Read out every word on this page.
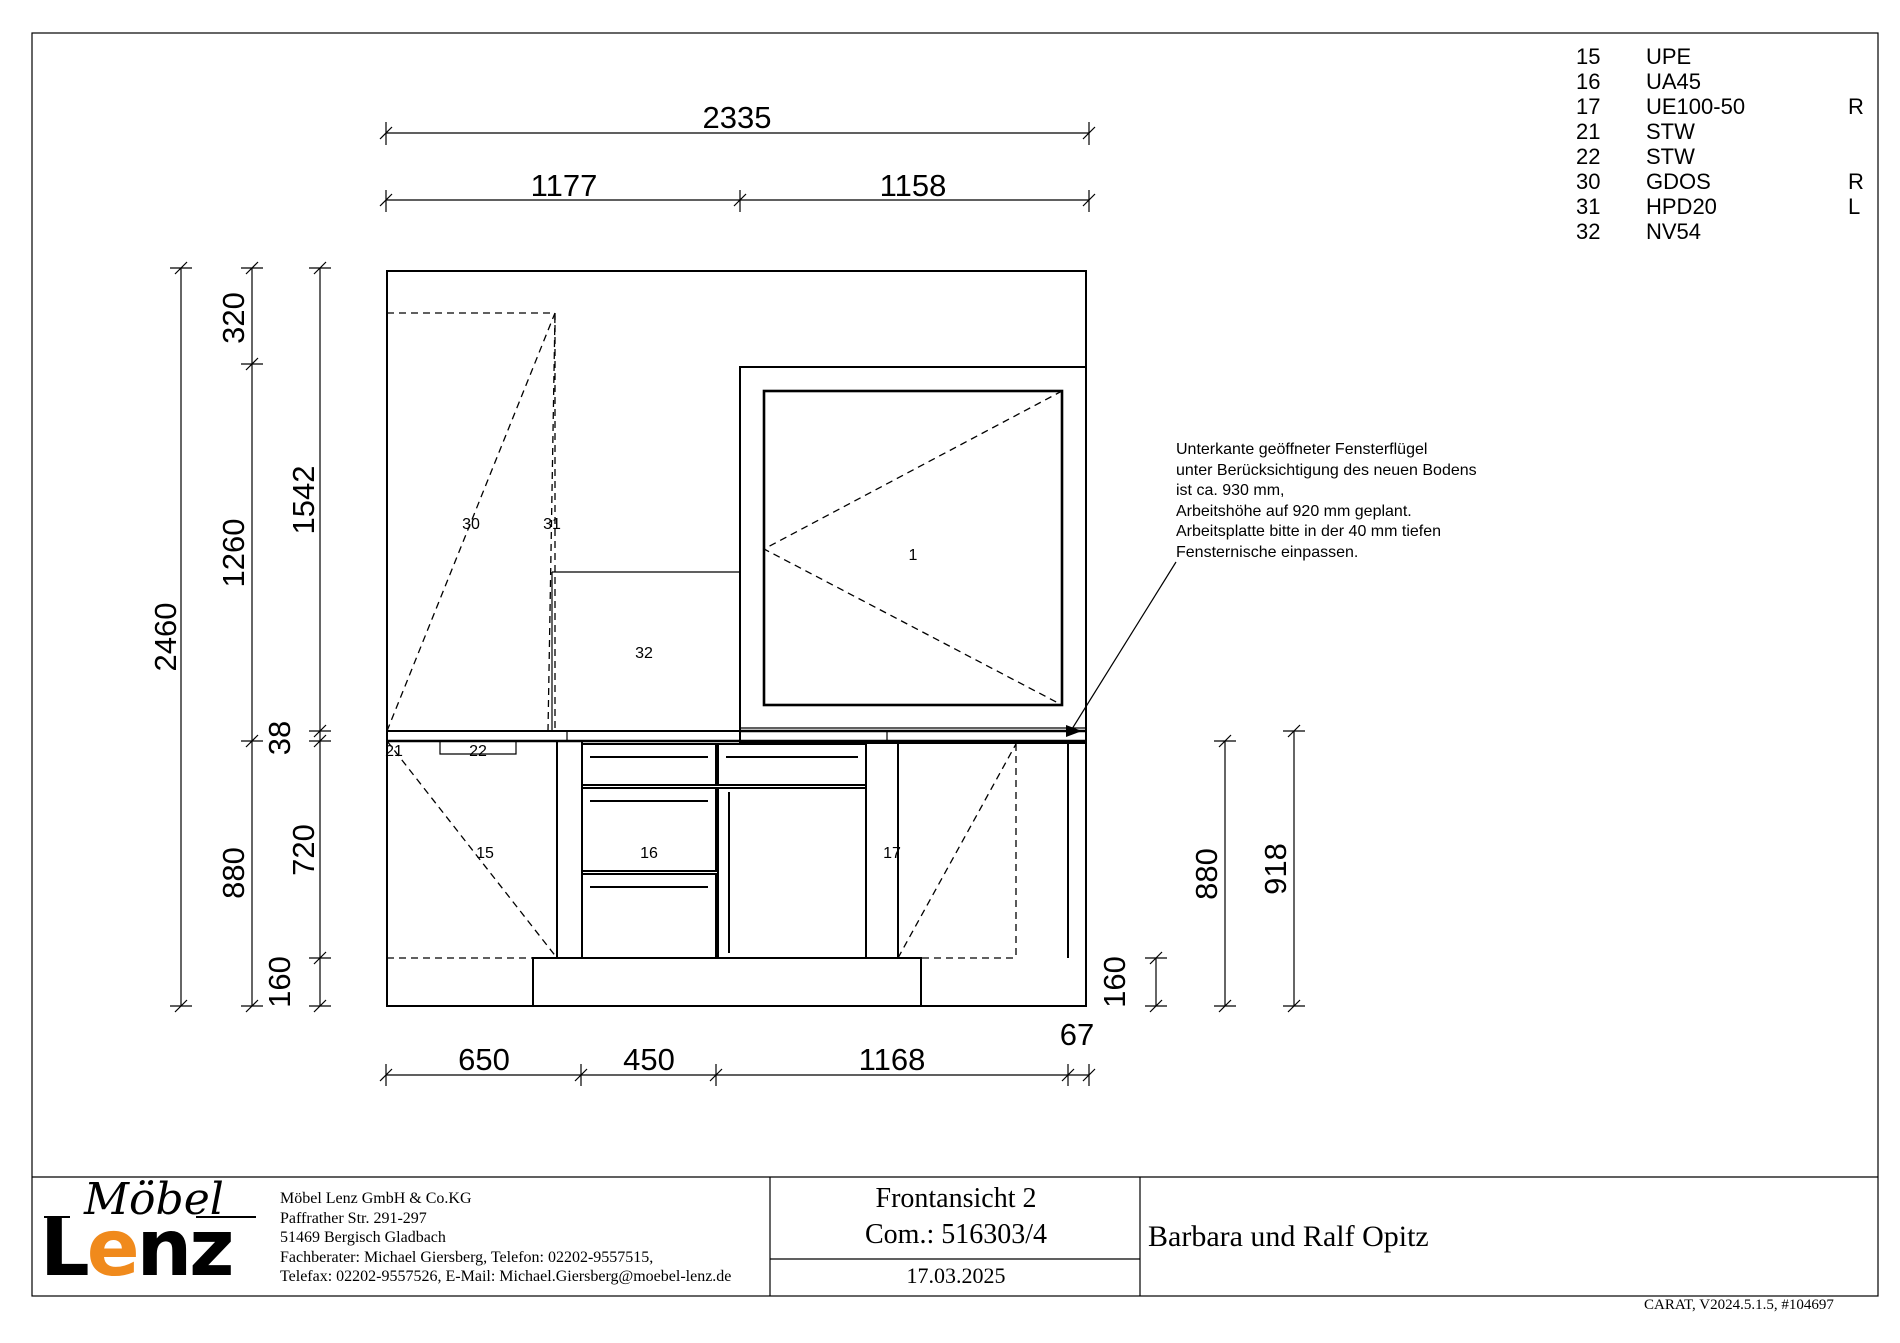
2335
1177	1158
2460
320
1260
880
160
1542
38
720
650	450	1168
67
160
880 918
1
30	31
32
21	22
15	16	17
Unterkante geöffneter Fensterflügel
unter Berücksichtigung des neuen Bodens
ist ca. 930 mm,
Arbeitshöhe auf 920 mm geplant.
Arbeitsplatte bitte in der 40 mm tiefen
Fensternische einpassen.
15 UPE
16 UA45
17 UE100-50	R
21 STW
22 STW
30 GDOS	R
31 HPD20	L
32 NV54
Möbel
Lenz
Möbel Lenz GmbH & Co.KG
Paffrather Str. 291-297
51469 Bergisch Gladbach
Fachberater: Michael Giersberg, Telefon: 02202-9557515,
Telefax: 02202-9557526, E-Mail: Michael.Giersberg@moebel-lenz.de
Frontansicht 2
Com.: 516303/4
17.03.2025
Barbara und Ralf Opitz
CARAT, V2024.5.1.5, #104697
